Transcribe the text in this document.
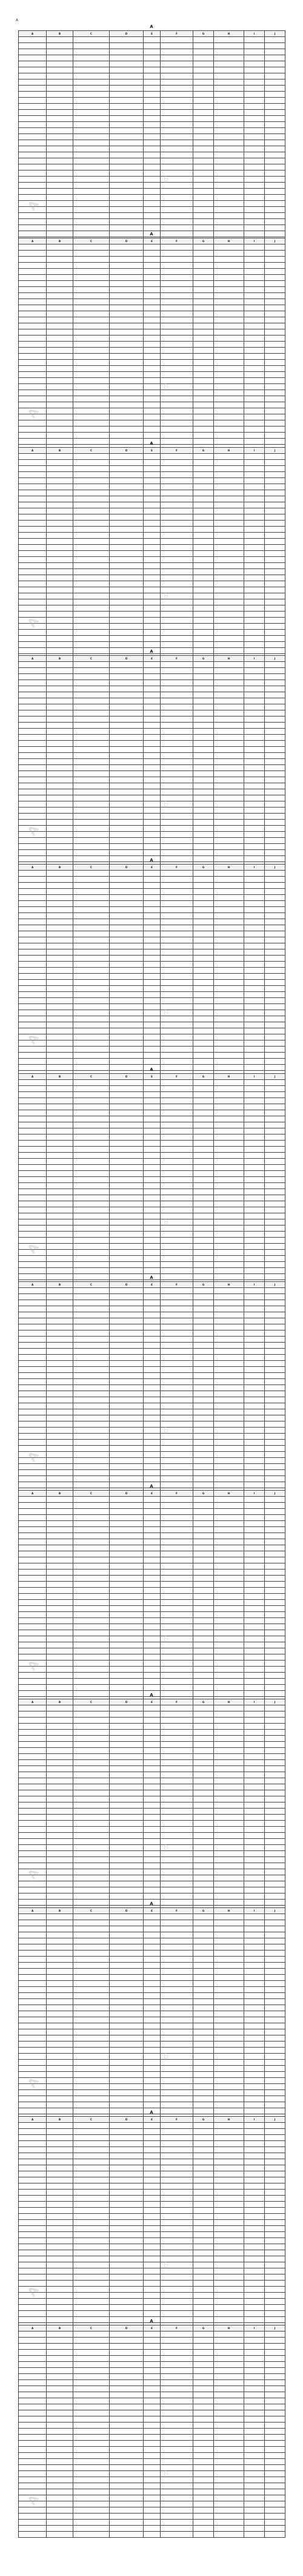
A
A
A	B	C	D	E	F	G	H	I	J

A
B
A
A	B	C	D	E	F	G	H	I	J

A
B
A
A	B	C	D	E	F	G	H	I	J

A
B
A
A	B	C	D	E	F	G	H	I	J

A
B
A
A	B	C	D	E	F	G	H	I	J

A
B
A
A	B	C	D	E	F	G	H	I	J

A
B
A
A	B	C	D	E	F	G	H	I	J

A
B
A
A	B	C	D	E	F	G	H	I	J

A
B
A
A	B	C	D	E	F	G	H	I	J

A
B
A
A	B	C	D	E	F	G	H	I	J

A
B
A
A	B	C	D	E	F	G	H	I	J

A
B
A
A	B	C	D	E	F	G	H	I	J

A
B
